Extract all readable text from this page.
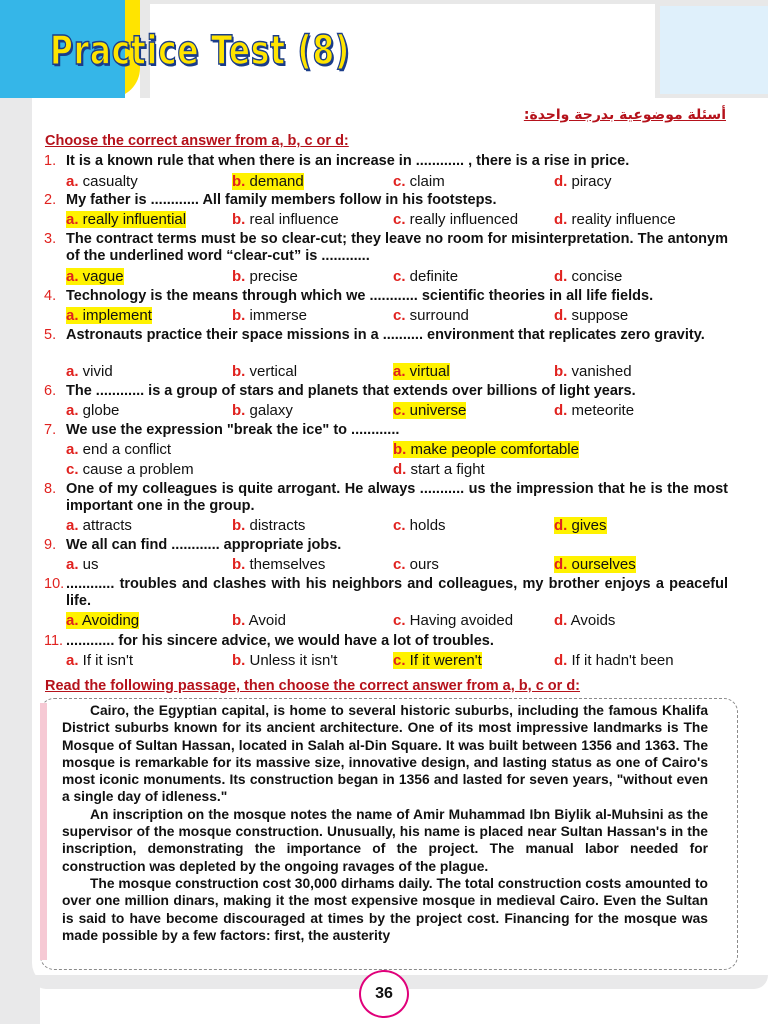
Practice Test (8)
أسئلة موضوعية بدرجة واحدة:
Choose the correct answer from a, b, c or d:
1. It is a known rule that when there is an increase in ............ , there is a rise in price.
a. casualty	b. demand	c. claim	d. piracy
2. My father is ............ All family members follow in his footsteps.
a. really influential	b. real influence	c. really influenced d. reality influence
3. The contract terms must be so clear-cut; they leave no room for misinterpretation. The antonym of the underlined word “clear-cut” is ............
a. vague	b. precise	c. definite	d. concise
4. Technology is the means through which we ............ scientific theories in all life fields.
a. implement	b. immerse	c. surround	d. suppose
5. Astronauts practice their space missions in a .......... environment that replicates zero gravity.
a. vivid	b. vertical	a. virtual	b. vanished
6. The ............ is a group of stars and planets that extends over billions of light years.
a. globe	b. galaxy	c. universe	d. meteorite
7. We use the expression "break the ice" to ............
a. end a conflict	b. make people comfortable
c. cause a problem	d. start a fight
8. One of my colleagues is quite arrogant. He always ........... us the impression that he is the most important one in the group.
a. attracts	b. distracts	c. holds	d. gives
9. We all can find ............ appropriate jobs.
a. us	b. themselves	c. ours	d. ourselves
10. ............ troubles and clashes with his neighbors and colleagues, my brother enjoys a peaceful life.
a. Avoiding	b. Avoid	c. Having avoided	d. Avoids
11. ............ for his sincere advice, we would have a lot of troubles.
a. If it isn't	b. Unless it isn't	c. If it weren't	d. If it hadn't been
Read the following passage, then choose the correct answer from a, b, c or d:

Cairo, the Egyptian capital, is home to several historic suburbs, including the famous Khalifa District suburbs known for its ancient architecture. One of its most impressive landmarks is The Mosque of Sultan Hassan, located in Salah al-Din Square. It was built between 1356 and 1363. The mosque is remarkable for its massive size, innovative design, and lasting status as one of Cairo's most iconic monuments. Its construction began in 1356 and lasted for seven years, "without even a single day of idleness."

An inscription on the mosque notes the name of Amir Muhammad Ibn Biylik al-Muhsini as the supervisor of the mosque construction. Unusually, his name is placed near Sultan Hassan's in the inscription, demonstrating the importance of the project. The manual labor needed for construction was depleted by the ongoing ravages of the plague.

The mosque construction cost 30,000 dirhams daily. The total construction costs amounted to over one million dinars, making it the most expensive mosque in medieval Cairo. Even the Sultan is said to have become discouraged at times by the project cost. Financing for the mosque was made possible by a few factors: first, the austerity

36
